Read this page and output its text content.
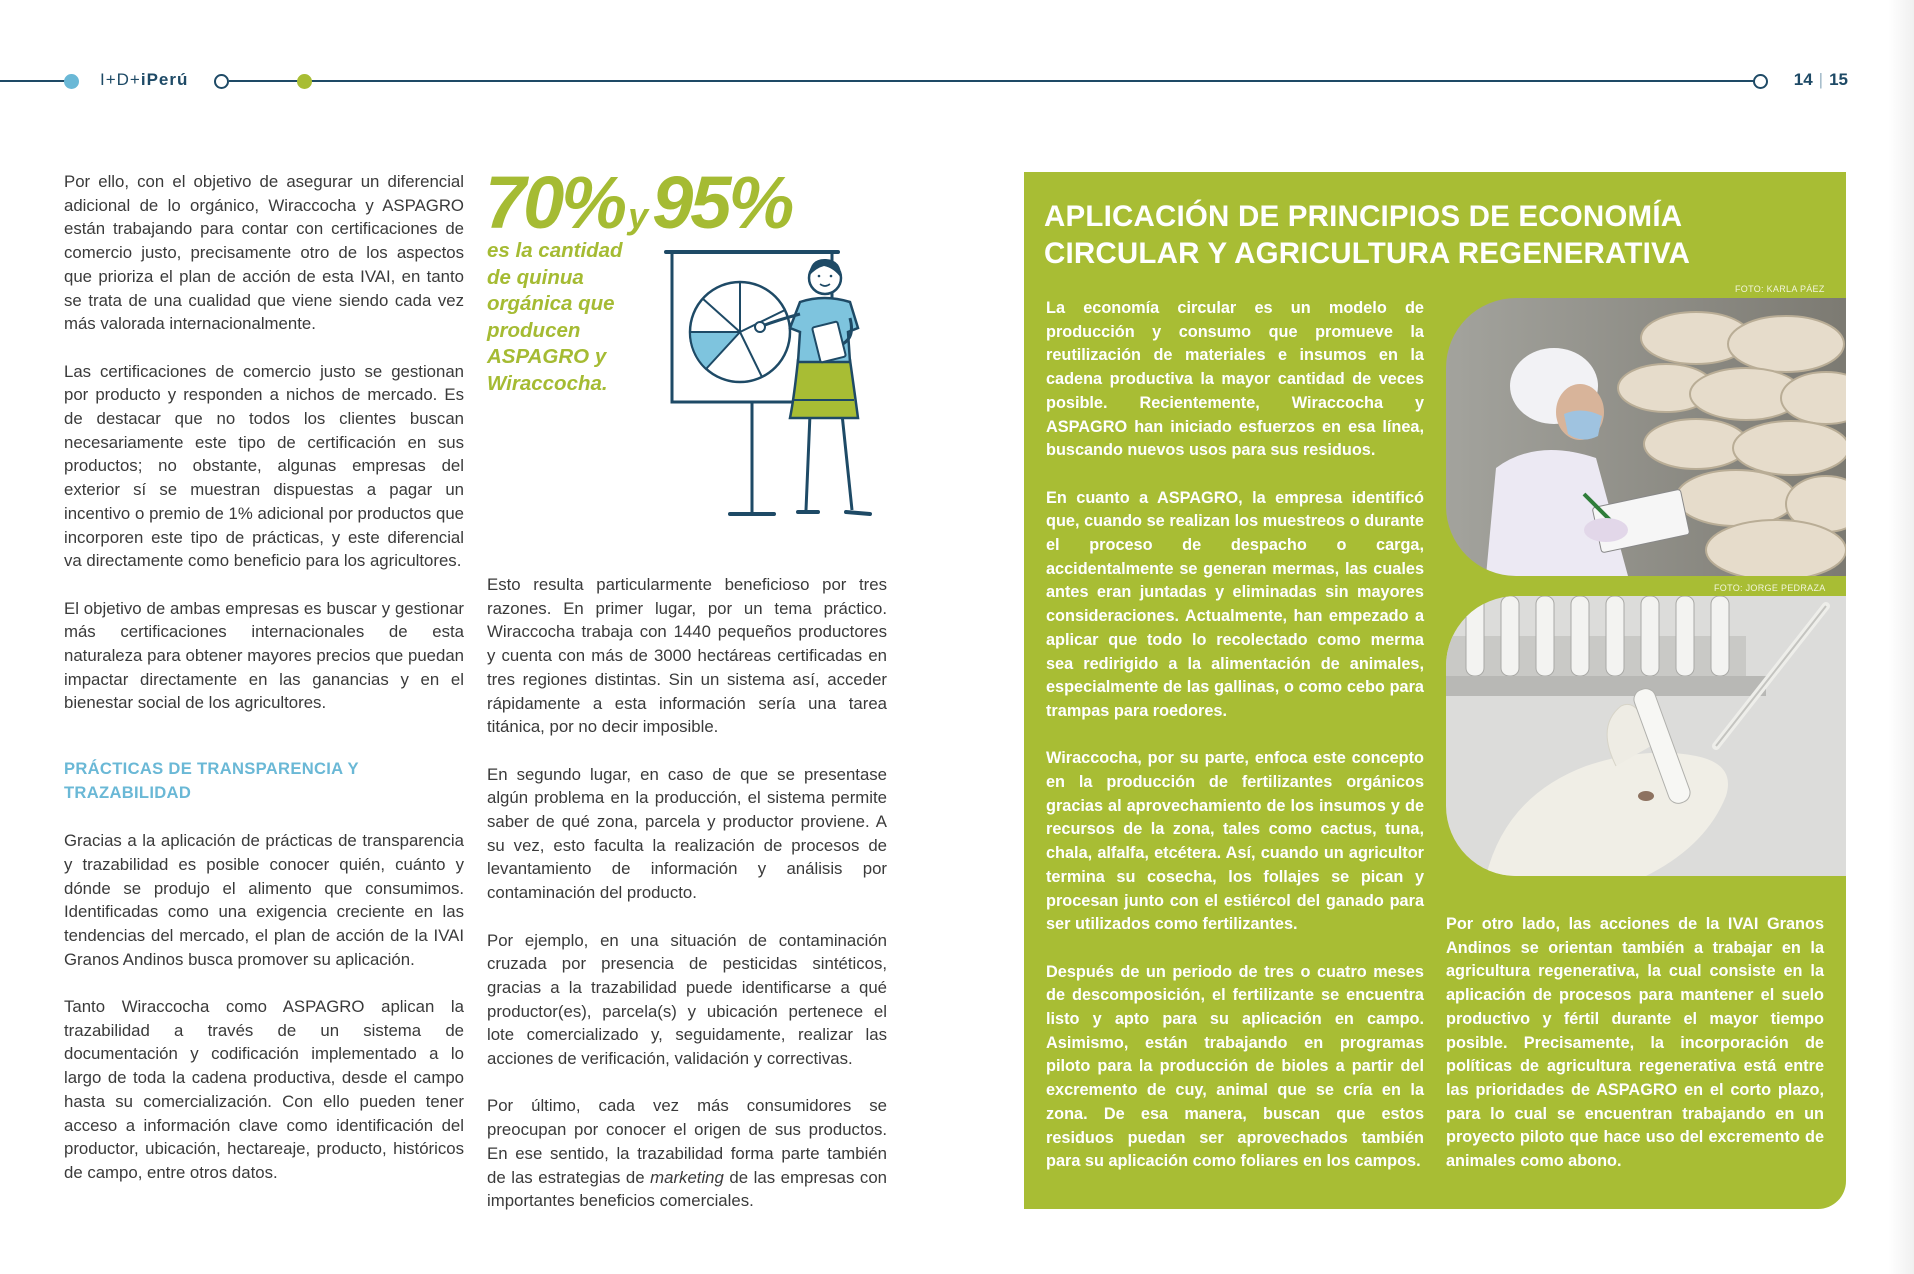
I+D+iPerú	14 | 15

Por ello, con el objetivo de asegurar un diferencial adicional de lo orgánico, Wiraccocha y ASPAGRO están trabajando para contar con certificaciones de comercio justo, precisamente otro de los aspectos que prioriza el plan de acción de esta IVAI, en tanto se trata de una cualidad que viene siendo cada vez más valorada internacionalmente.

Las certificaciones de comercio justo se gestionan por producto y responden a nichos de mercado. Es de destacar que no todos los clientes buscan necesariamente este tipo de certificación en sus productos; no obstante, algunas empresas del exterior sí se muestran dispuestas a pagar un incentivo o premio de 1% adicional por productos que incorporen este tipo de prácticas, y este diferencial va directamente como beneficio para los agricultores.

El objetivo de ambas empresas es buscar y gestionar más certificaciones internacionales de esta naturaleza para obtener mayores precios que puedan impactar directamente en las ganancias y en el bienestar social de los agricultores.

PRÁCTICAS DE TRANSPARENCIA Y TRAZABILIDAD

Gracias a la aplicación de prácticas de transparencia y trazabilidad es posible conocer quién, cuánto y dónde se produjo el alimento que consumimos. Identificadas como una exigencia creciente en las tendencias del mercado, el plan de acción de la IVAI Granos Andinos busca promover su aplicación.

Tanto Wiraccocha como ASPAGRO aplican la trazabilidad a través de un sistema de documentación y codificación implementado a lo largo de toda la cadena productiva, desde el campo hasta su comercialización. Con ello pueden tener acceso a información clave como identificación del productor, ubicación, hectareaje, producto, históricos de campo, entre otros datos.

70% y95%
es la cantidad de quinua orgánica que producen ASPAGRO y Wiraccocha.

Esto resulta particularmente beneficioso por tres razones. En primer lugar, por un tema práctico. Wiraccocha trabaja con 1440 pequeños productores y cuenta con más de 3000 hectáreas certificadas en tres regiones distintas. Sin un sistema así, acceder rápidamente a esta información sería una tarea titánica, por no decir imposible.

En segundo lugar, en caso de que se presentase algún problema en la producción, el sistema permite saber de qué zona, parcela y productor proviene. A su vez, esto faculta la realización de procesos de levantamiento de información y análisis por contaminación del producto.

Por ejemplo, en una situación de contaminación cruzada por presencia de pesticidas sintéticos, gracias a la trazabilidad puede identificarse a qué productor(es), parcela(s) y ubicación pertenece el lote comercializado y, seguidamente, realizar las acciones de verificación, validación y correctivas.

Por último, cada vez más consumidores se preocupan por conocer el origen de sus productos. En ese sentido, la trazabilidad forma parte también de las estrategias de marketing de las empresas con importantes beneficios comerciales.

APLICACIÓN DE PRINCIPIOS DE ECONOMÍA CIRCULAR Y AGRICULTURA REGENERATIVA
FOTO: KARLA PÁEZ
FOTO: JORGE PEDRAZA

La economía circular es un modelo de producción y consumo que promueve la reutilización de materiales e insumos en la cadena productiva la mayor cantidad de veces posible. Recientemente, Wiraccocha y ASPAGRO han iniciado esfuerzos en esa línea, buscando nuevos usos para sus residuos.

En cuanto a ASPAGRO, la empresa identificó que, cuando se realizan los muestreos o durante el proceso de despacho o carga, accidentalmente se generan mermas, las cuales antes eran juntadas y eliminadas sin mayores consideraciones. Actualmente, han empezado a aplicar que todo lo recolectado como merma sea redirigido a la alimentación de animales, especialmente de las gallinas, o como cebo para trampas para roedores.

Wiraccocha, por su parte, enfoca este concepto en la producción de fertilizantes orgánicos gracias al aprovechamiento de los insumos y de recursos de la zona, tales como cactus, tuna, chala, alfalfa, etcétera. Así, cuando un agricultor termina su cosecha, los follajes se pican y procesan junto con el estiércol del ganado para ser utilizados como fertilizantes.

Después de un periodo de tres o cuatro meses de descomposición, el fertilizante se encuentra listo y apto para su aplicación en campo. Asimismo, están trabajando en programas piloto para la producción de bioles a partir del excremento de cuy, animal que se cría en la zona. De esa manera, buscan que estos residuos puedan ser aprovechados también para su aplicación como foliares en los campos.

Por otro lado, las acciones de la IVAI Granos Andinos se orientan también a trabajar en la agricultura regenerativa, la cual consiste en la aplicación de procesos para mantener el suelo productivo y fértil durante el mayor tiempo posible. Precisamente, la incorporación de políticas de agricultura regenerativa está entre las prioridades de ASPAGRO en el corto plazo, para lo cual se encuentran trabajando en un proyecto piloto que hace uso del excremento de animales como abono.
